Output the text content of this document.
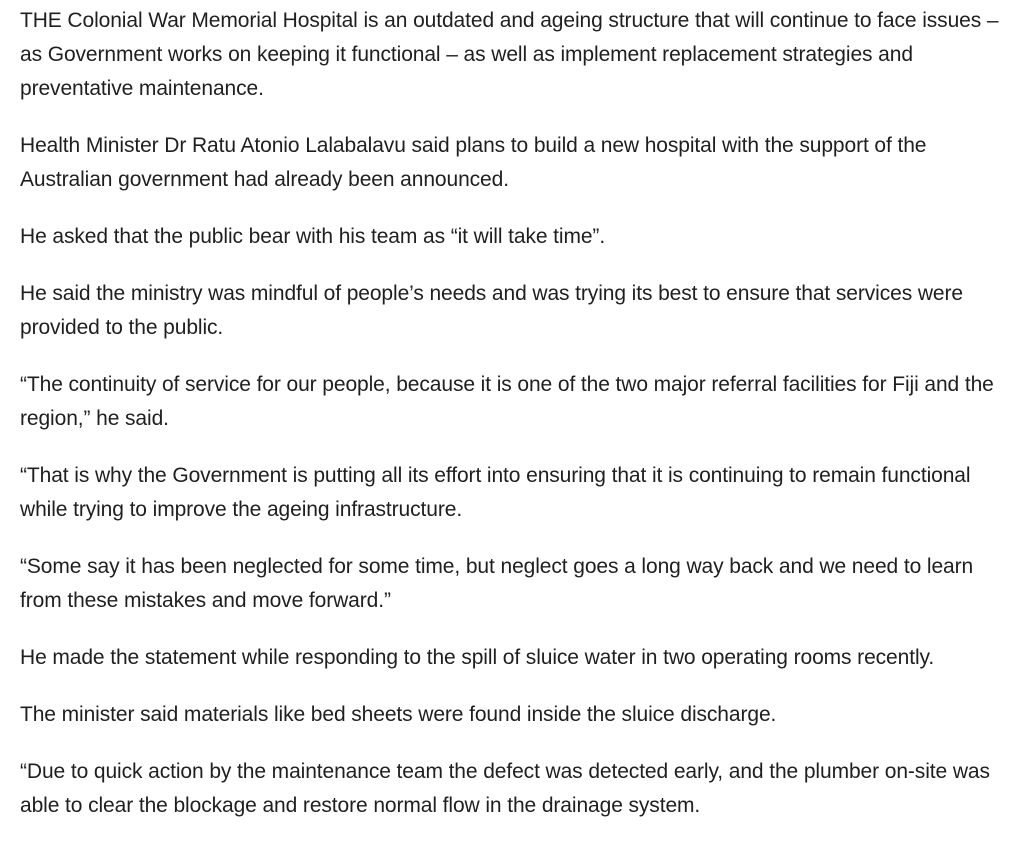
THE Colonial War Memorial Hospital is an outdated and ageing structure that will continue to face issues – as Government works on keeping it functional – as well as implement replacement strategies and preventative maintenance.

Health Minister Dr Ratu Atonio Lalabalavu said plans to build a new hospital with the support of the Australian government had already been announced.

He asked that the public bear with his team as “it will take time”.

He said the ministry was mindful of people’s needs and was trying its best to ensure that services were provided to the public.

“The continuity of service for our people, because it is one of the two major referral facilities for Fiji and the region,” he said.

“That is why the Government is putting all its effort into ensuring that it is continuing to remain functional while trying to improve the ageing infrastructure.

“Some say it has been neglected for some time, but neglect goes a long way back and we need to learn from these mistakes and move forward.”

He made the statement while responding to the spill of sluice water in two operating rooms recently.

The minister said materials like bed sheets were found inside the sluice discharge.

“Due to quick action by the maintenance team the defect was detected early, and the plumber on-site was able to clear the blockage and restore normal flow in the drainage system.
